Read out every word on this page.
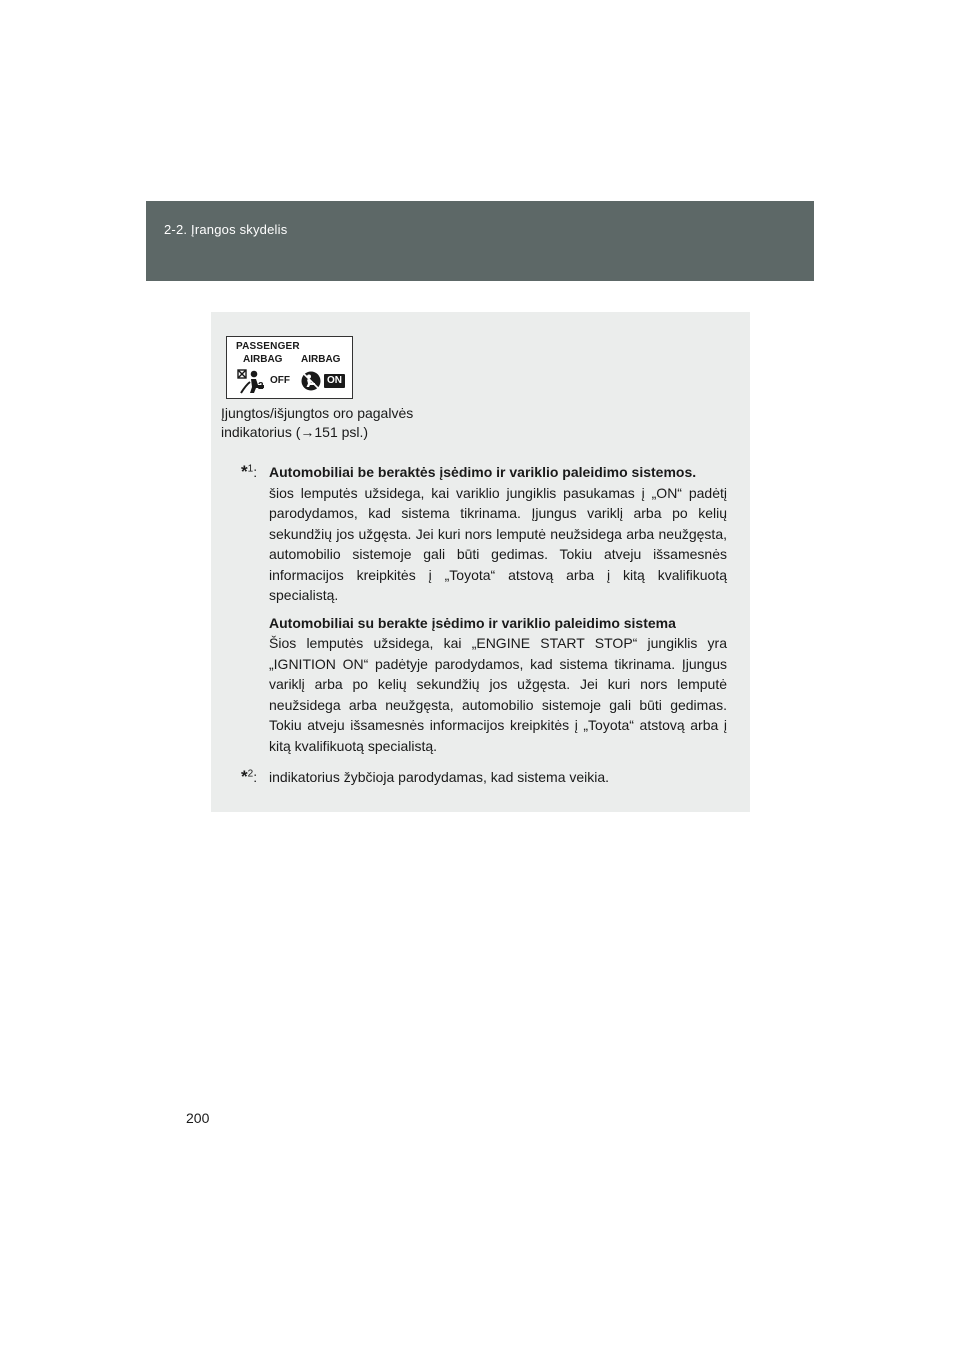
2-2. Įrangos skydelis
PASSENGER
AIRBAG AIRBAG
OFF
2
ON
Įjungtos/išjungtos oro pagalvės
indikatorius (→151 psl.)
*$^1$: Automobiliai be beraktės įsėdimo ir variklio paleidimo sistemos.
šios lemputės užsidega, kai variklio jungiklis pasukamas į „ON“ padėtį parodydamos, kad sistema tikrinama. Įjungus variklį arba po kelių sekundžių jos užgęsta. Jei kuri nors lemputė neužsidega arba neužgęsta, automobilio sistemoje gali būti gedimas. Tokiu atveju išsamesnės informacijos kreipkitės į „Toyota“ atstovą arba į kitą kvalifikuotą specialistą.
Automobiliai su berakte įsėdimo ir variklio paleidimo sistema
Šios lemputės užsidega, kai „ENGINE START STOP“ jungiklis yra „IGNITION ON“ padėtyje parodydamos, kad sistema tikrinama. Įjungus variklį arba po kelių sekundžių jos užgęsta. Jei kuri nors lemputė neužsidega arba neužgęsta, automobilio sistemoje gali būti gedimas. Tokiu atveju išsamesnės informacijos kreipkitės į „Toyota“ atstovą arba į kitą kvalifikuotą specialistą.
*$^2$: indikatorius žybčioja parodydamas, kad sistema veikia.
200
